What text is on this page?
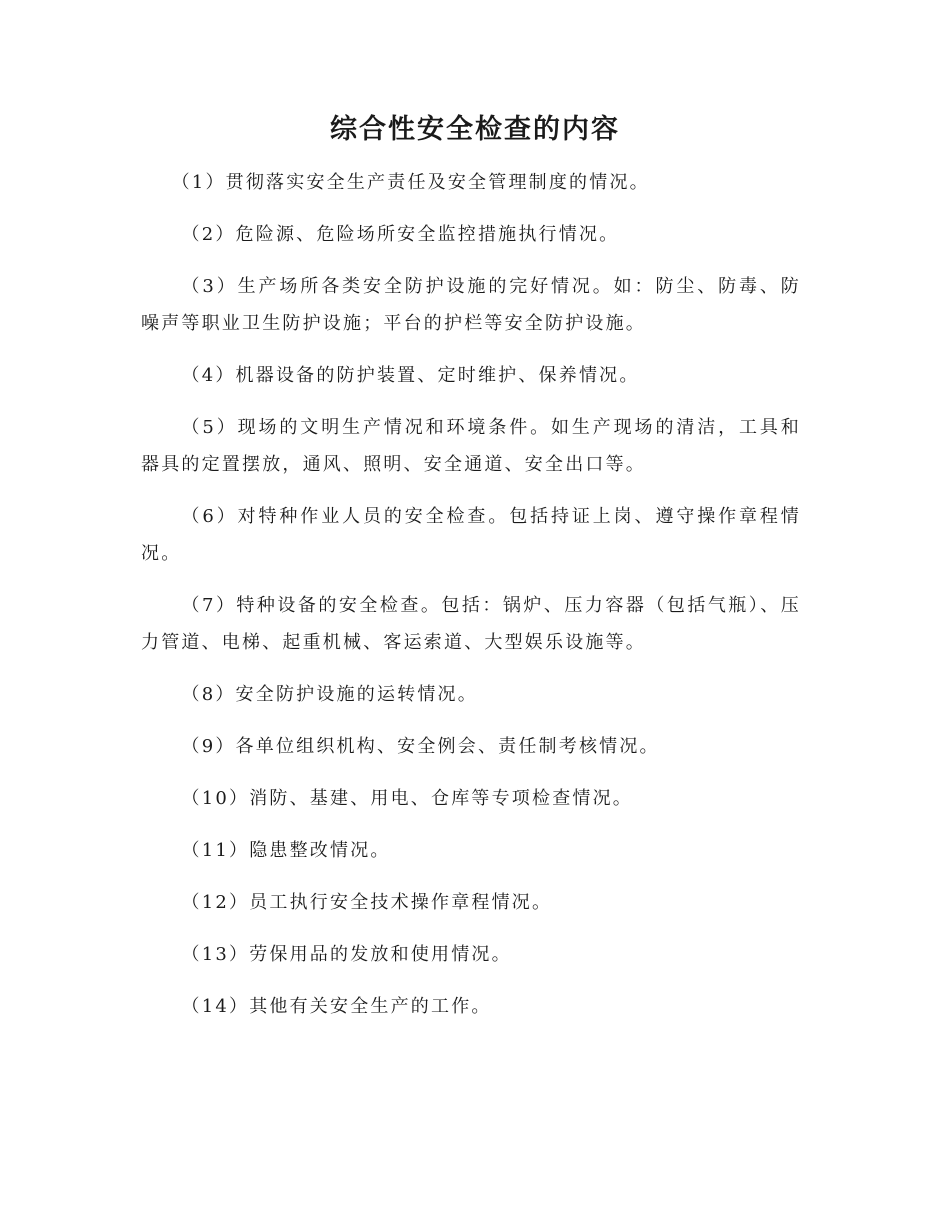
综合性安全检查的内容

（1）贯彻落实安全生产责任及安全管理制度的情况。

（2）危险源、危险场所安全监控措施执行情况。

（3）生产场所各类安全防护设施的完好情况。如：防尘、防毒、防噪声等职业卫生防护设施；平台的护栏等安全防护设施。

（4）机器设备的防护装置、定时维护、保养情况。

（5）现场的文明生产情况和环境条件。如生产现场的清洁，工具和器具的定置摆放，通风、照明、安全通道、安全出口等。

（6）对特种作业人员的安全检查。包括持证上岗、遵守操作章程情况。

（7）特种设备的安全检查。包括：锅炉、压力容器（包括气瓶）、压力管道、电梯、起重机械、客运索道、大型娱乐设施等。

（8）安全防护设施的运转情况。

（9）各单位组织机构、安全例会、责任制考核情况。

（10）消防、基建、用电、仓库等专项检查情况。

（11）隐患整改情况。

（12）员工执行安全技术操作章程情况。

（13）劳保用品的发放和使用情况。

（14）其他有关安全生产的工作。
